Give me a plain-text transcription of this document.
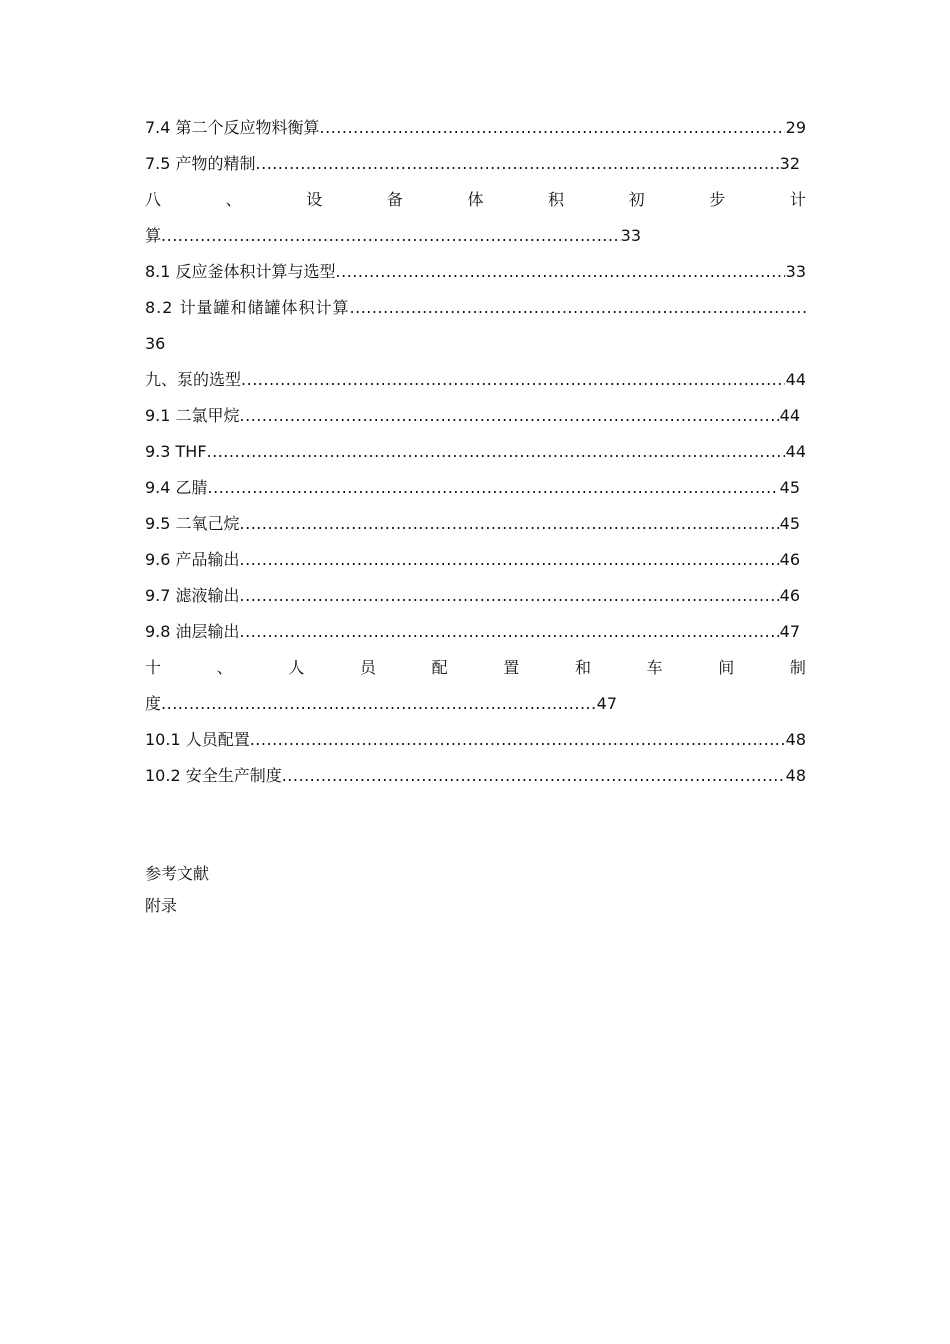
7.4 第二个反应物料衡算 .....	29
7.5 产物的精制 .....	32
八	、	设	备	体	积	初	步	计
算 .....	33
8.1 反应釜体积计算与选型 .....	33
8.2 计量罐和储罐体积计算
.....
36
九、泵的选型 .....	44
9.1 二氯甲烷 .....	44
9.3 THF .....	44
9.4 乙腈 .....	45
9.5 二氧己烷 .....	45
9.6 产品输出 .....	46
9.7 滤液输出 .....	46
9.8 油层输出 .....	47
十	、	人	员	配	置	和	车	间	制
度 .....	47
10.1 人员配置 .....	48
10.2 安全生产制度 .....	48
参考文献
附录
